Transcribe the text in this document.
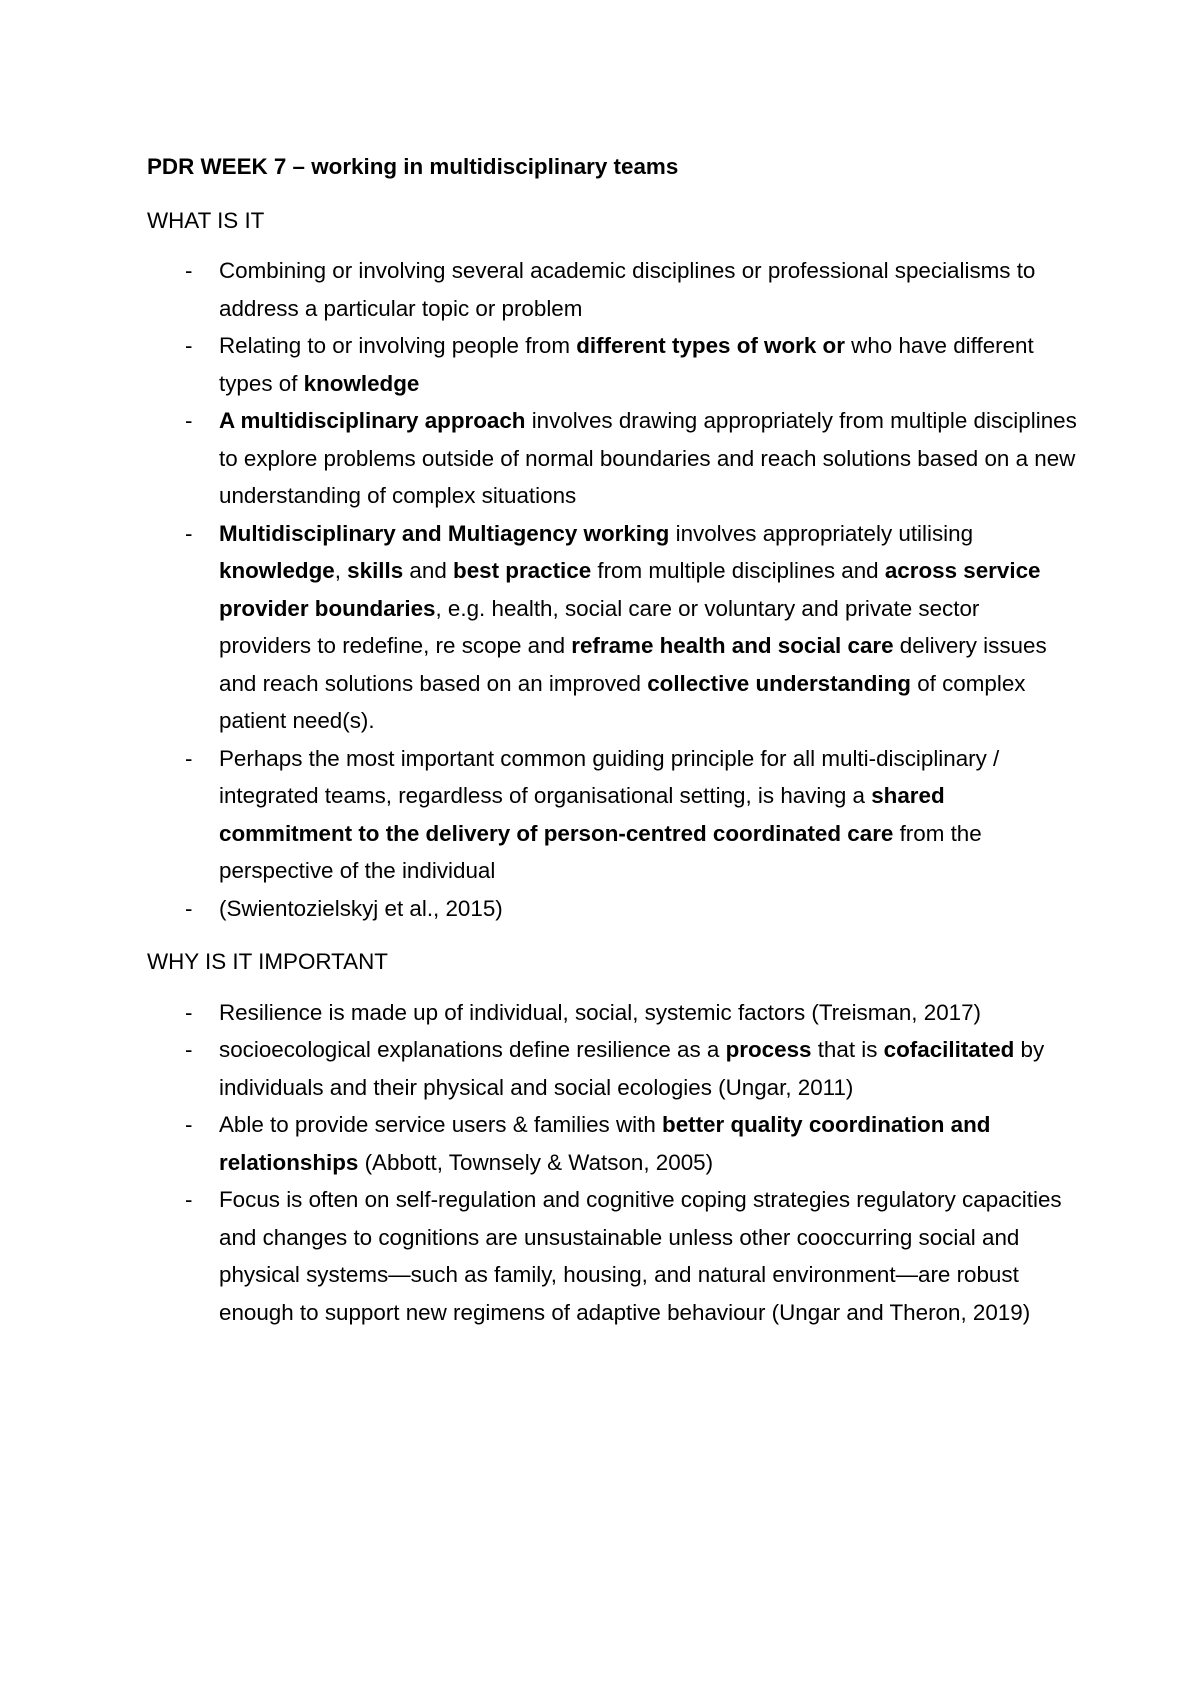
PDR WEEK 7 – working in multidisciplinary teams
WHAT IS IT
- Combining or involving several academic disciplines or professional specialisms to address a particular topic or problem
- Relating to or involving people from different types of work or who have different types of knowledge
- A multidisciplinary approach involves drawing appropriately from multiple disciplines to explore problems outside of normal boundaries and reach solutions based on a new understanding of complex situations
- Multidisciplinary and Multiagency working involves appropriately utilising knowledge, skills and best practice from multiple disciplines and across service provider boundaries, e.g. health, social care or voluntary and private sector providers to redefine, re scope and reframe health and social care delivery issues and reach solutions based on an improved collective understanding of complex patient need(s).
- Perhaps the most important common guiding principle for all multi-disciplinary / integrated teams, regardless of organisational setting, is having a shared commitment to the delivery of person-centred coordinated care from the perspective of the individual
- (Swientozielskyj et al., 2015)
WHY IS IT IMPORTANT
- Resilience is made up of individual, social, systemic factors (Treisman, 2017)
- socioecological explanations define resilience as a process that is cofacilitated by individuals and their physical and social ecologies (Ungar, 2011)
- Able to provide service users & families with better quality coordination and relationships (Abbott, Townsely & Watson, 2005)
- Focus is often on self-regulation and cognitive coping strategies regulatory capacities and changes to cognitions are unsustainable unless other cooccurring social and physical systems—such as family, housing, and natural environment—are robust enough to support new regimens of adaptive behaviour (Ungar and Theron, 2019)
